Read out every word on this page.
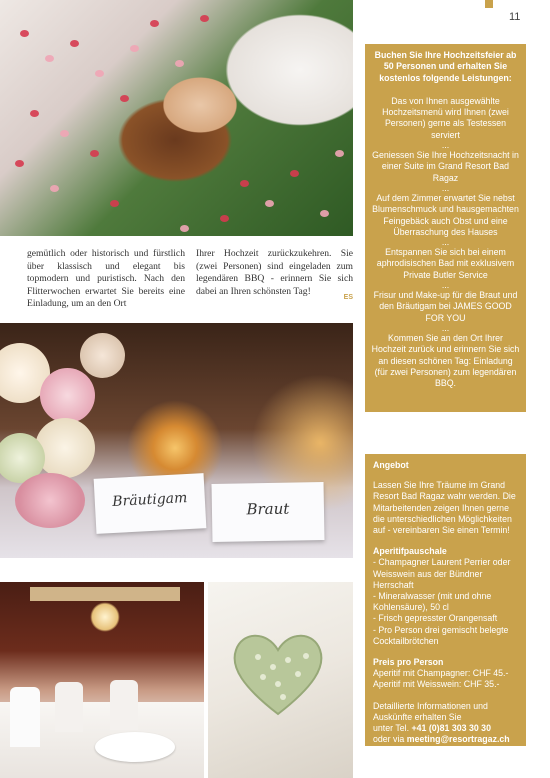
11
gemütlich oder historisch und fürstlich über klassisch und elegant bis topmodern und puristisch. Nach den Flitterwochen erwartet Sie bereits eine Einladung, um an den Ort
Ihrer Hochzeit zurückzukehren. Sie (zwei Personen) sind eingeladen zum legendären BBQ - erinnern Sie sich dabei an Ihren schönsten Tag!
ES
Bräutigam	Braut
Buchen Sie Ihre Hochzeitsfeier ab 50 Personen und erhalten Sie kostenlos folgende Leistungen:
Das von Ihnen ausgewählte Hochzeitsmenü wird Ihnen (zwei Personen) gerne als Testessen serviert
...
Geniessen Sie Ihre Hochzeitsnacht in einer Suite im Grand Resort Bad Ragaz
...
Auf dem Zimmer erwartet Sie nebst Blumenschmuck und hausgemachten Feingebäck auch Obst und eine Überraschung des Hauses
...
Entspannen Sie sich bei einem aphrodisischen Bad mit exklusivem Private Butler Service
...
Frisur und Make-up für die Braut und den Bräutigam bei JAMES GOOD FOR YOU
...
Kommen Sie an den Ort Ihrer Hochzeit zurück und erinnern Sie sich an diesen schönen Tag: Einladung (für zwei Personen) zum legendären BBQ.
Angebot
Lassen Sie Ihre Träume im Grand Resort Bad Ragaz wahr werden. Die Mitarbeitenden zeigen Ihnen gerne die unterschiedlichen Möglichkeiten auf - vereinbaren Sie einen Termin!
Aperitifpauschale
- Champagner Laurent Perrier oder Weisswein aus der Bündner Herrschaft
- Mineralwasser (mit und ohne Kohlensäure), 50 cl
- Frisch gepresster Orangensaft
- Pro Person drei gemischt belegte Cocktailbrötchen
Preis pro Person
Aperitif mit Champagner: CHF 45.-
Aperitif mit Weisswein: CHF 35.-
Detaillierte Informationen und Auskünfte erhalten Sie
unter Tel. +41 (0)81 303 30 30
oder via meeting@resortragaz.ch
